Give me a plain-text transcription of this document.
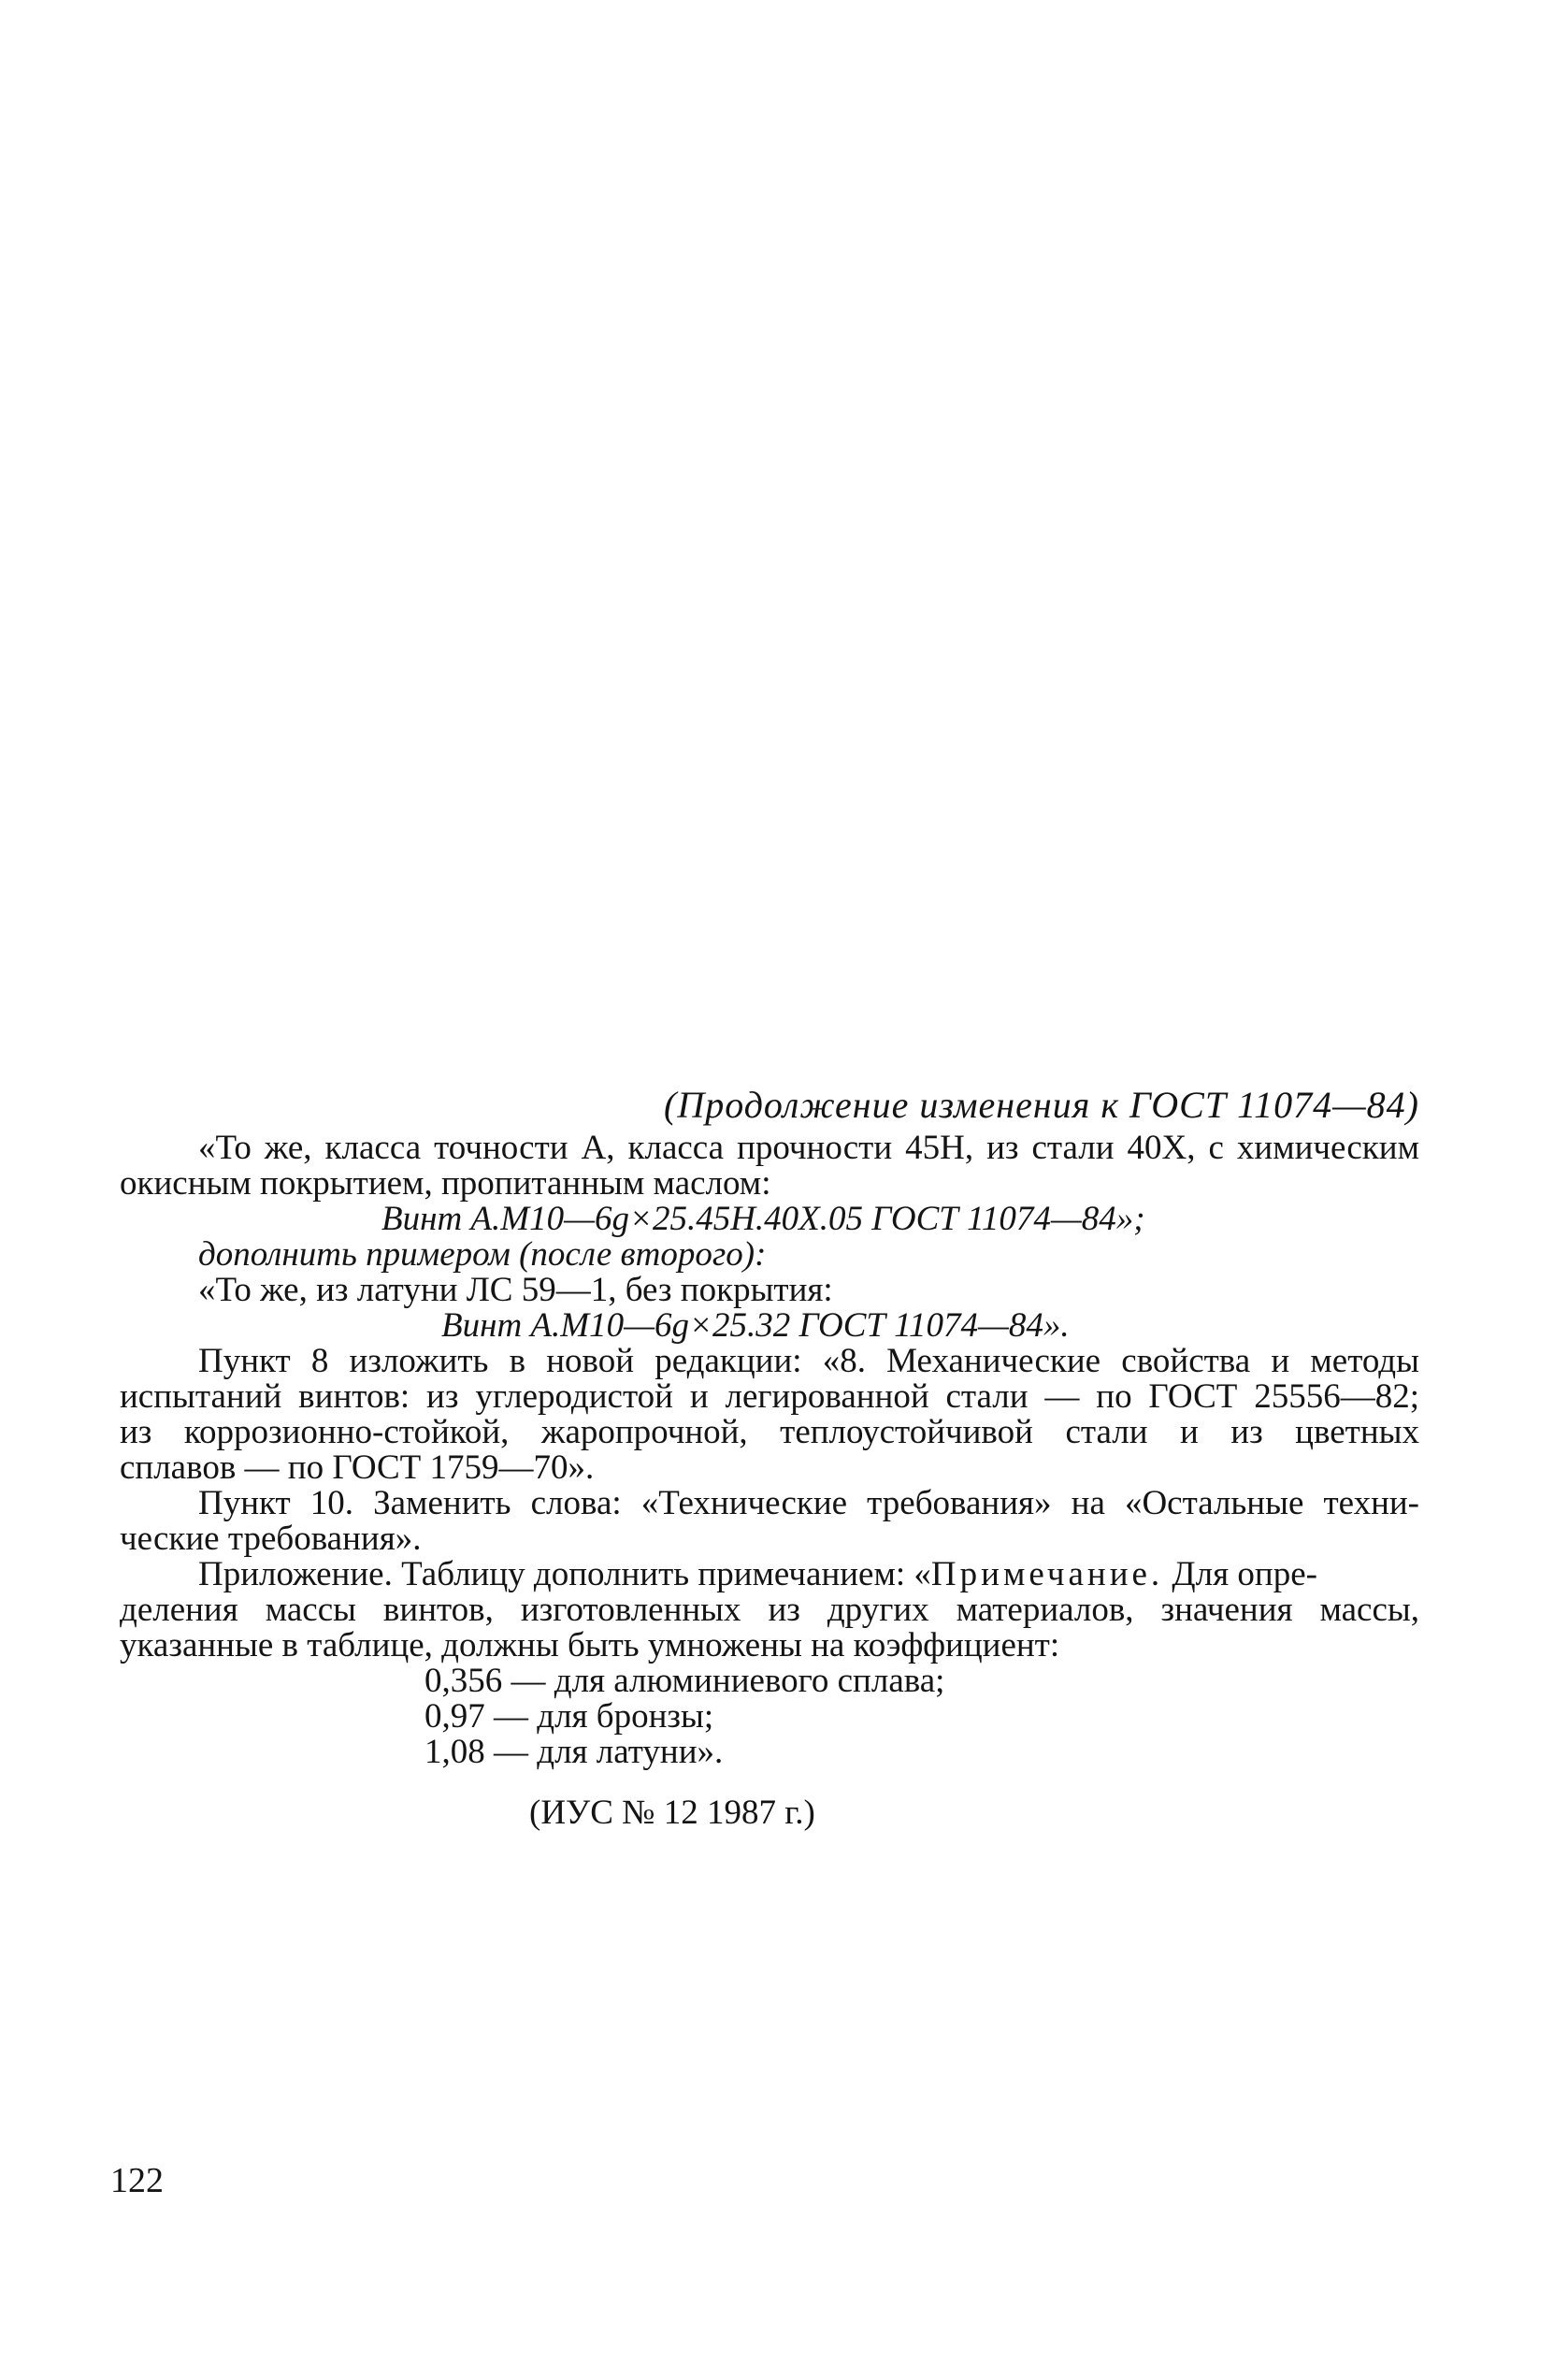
(Продолжение изменения к ГОСТ 11074—84)
«То же, класса точности А, класса прочности 45Н, из стали 40Х, с химическим
окисным покрытием, пропитанным маслом:
Винт А.М10—6g×25.45Н.40Х.05 ГОСТ 11074—84»;
дополнить примером (после второго):
«То же, из латуни ЛС 59—1, без покрытия:
Винт А.М10—6g×25.32 ГОСТ 11074—84».
Пункт 8 изложить в новой редакции: «8. Механические свойства и методы
испытаний винтов: из углеродистой и легированной стали — по ГОСТ 25556—82;
из коррозионно-стойкой, жаропрочной, теплоустойчивой стали и из цветных
сплавов — по ГОСТ 1759—70».
Пункт 10. Заменить слова: «Технические требования» на «Остальные техни-
ческие требования».
Приложение. Таблицу дополнить примечанием: «Примечание. Для опре-
деления массы винтов, изготовленных из других материалов, значения массы,
указанные в таблице, должны быть умножены на коэффициент:
0,356 — для алюминиевого сплава;
0,97 — для бронзы;
1,08 — для латуни».
(ИУС № 12 1987 г.)
122
